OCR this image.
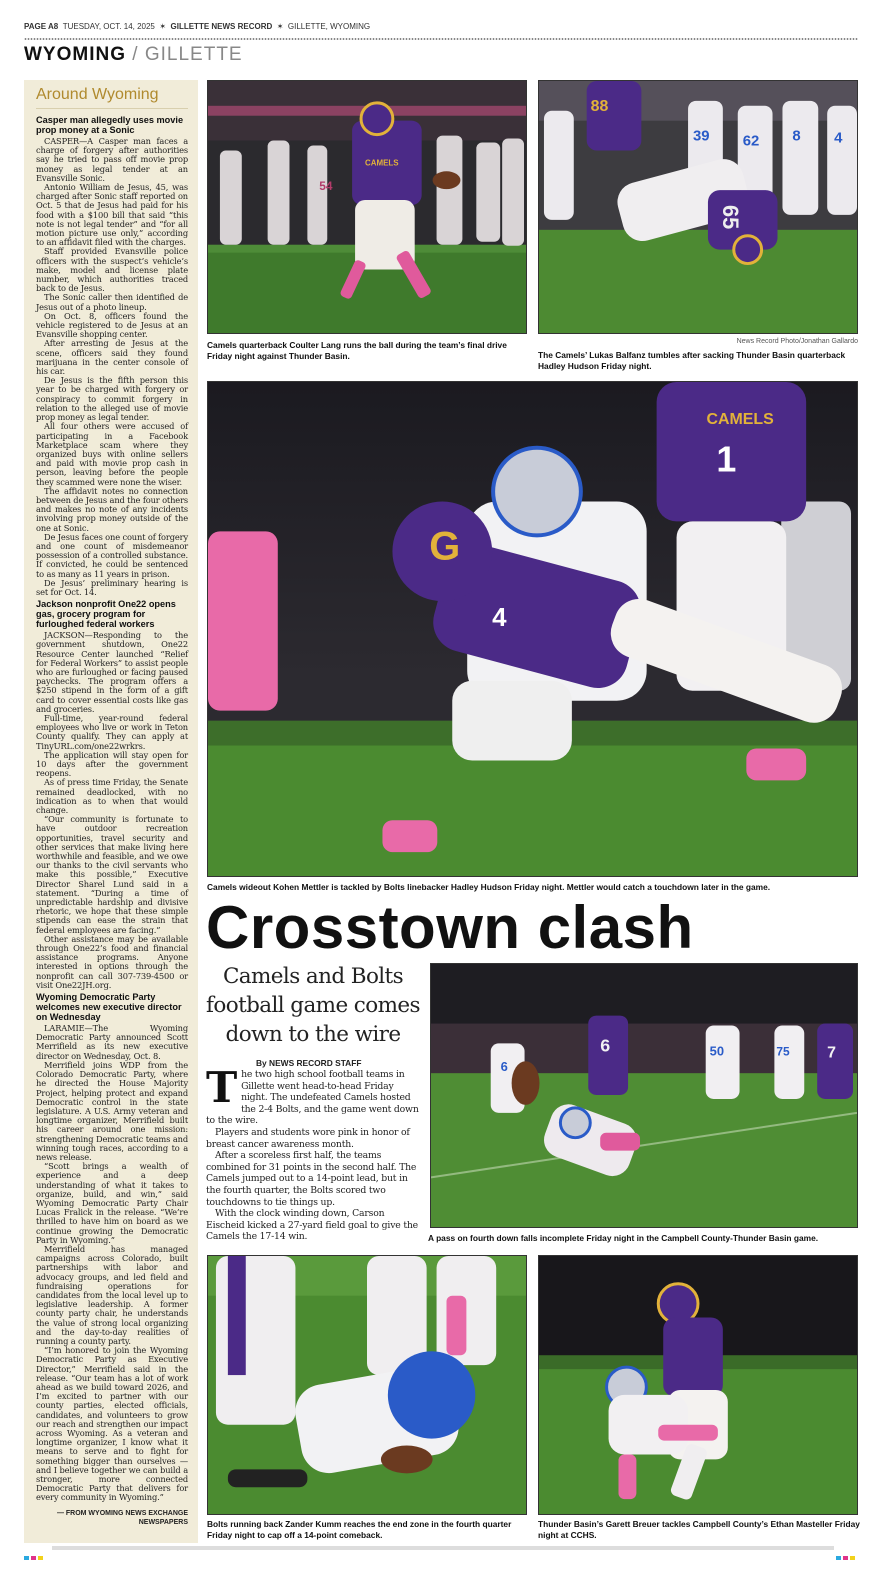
PAGE A8 TUESDAY, OCT. 14, 2025 ✶ GILLETTE NEWS RECORD ✶ GILLETTE, WYOMING
WYOMING / GILLETTE
Around Wyoming
Casper man allegedly uses movie prop money at a Sonic

CASPER—A Casper man faces a charge of forgery after authorities say he tried to pass off movie prop money as legal tender at an Evansville Sonic.

Antonio William de Jesus, 45, was charged after Sonic staff reported on Oct. 5 that de Jesus had paid for his food with a $100 bill that said “this note is not legal tender” and “for all motion picture use only,” according to an affidavit filed with the charges.

Staff provided Evansville police officers with the suspect’s vehicle’s make, model and license plate number, which authorities traced back to de Jesus.

The Sonic caller then identified de Jesus out of a photo lineup.

On Oct. 8, officers found the vehicle registered to de Jesus at an Evansville shopping center.

After arresting de Jesus at the scene, officers said they found marijuana in the center console of his car.

De Jesus is the fifth person this year to be charged with forgery or conspiracy to commit forgery in relation to the alleged use of movie prop money as legal tender.

All four others were accused of participating in a Facebook Marketplace scam where they organized buys with online sellers and paid with movie prop cash in person, leaving before the people they scammed were none the wiser.

The affidavit notes no connection between de Jesus and the four others and makes no note of any incidents involving prop money outside of the one at Sonic.

De Jesus faces one count of forgery and one count of misdemeanor possession of a controlled substance. If convicted, he could be sentenced to as many as 11 years in prison.

De Jesus’ preliminary hearing is set for Oct. 14.

Jackson nonprofit One22 opens gas, grocery program for furloughed federal workers

JACKSON—Responding to the government shutdown, One22 Resource Center launched “Relief for Federal Workers” to assist people who are furloughed or facing paused paychecks. The program offers a $250 stipend in the form of a gift card to cover essential costs like gas and groceries.

Full-time, year-round federal employees who live or work in Teton County qualify. They can apply at TinyURL.com/one22wrkrs.

The application will stay open for 10 days after the government reopens.

As of press time Friday, the Senate remained deadlocked, with no indication as to when that would change.

“Our community is fortunate to have outdoor recreation opportunities, travel security and other services that make living here worthwhile and feasible, and we owe our thanks to the civil servants who make this possible,” Executive Director Sharel Lund said in a statement. “During a time of unpredictable hardship and divisive rhetoric, we hope that these simple stipends can ease the strain that federal employees are facing.”

Other assistance may be available through One22’s food and financial assistance programs. Anyone interested in options through the nonprofit can call 307-739-4500 or visit One22JH.org.

Wyoming Democratic Party welcomes new executive director on Wednesday

LARAMIE—The Wyoming Democratic Party announced Scott Merrifield as its new executive director on Wednesday, Oct. 8.

Merrifield joins WDP from the Colorado Democratic Party, where he directed the House Majority Project, helping protect and expand Democratic control in the state legislature. A U.S. Army veteran and longtime organizer, Merrifield built his career around one mission: strengthening Democratic teams and winning tough races, according to a news release.

“Scott brings a wealth of experience and a deep understanding of what it takes to organize, build, and win,” said Wyoming Democratic Party Chair Lucas Fralick in the release. “We’re thrilled to have him on board as we continue growing the Democratic Party in Wyoming.”

Merrifield has managed campaigns across Colorado, built partnerships with labor and advocacy groups, and led field and fundraising operations for candidates from the local level up to legislative leadership. A former county party chair, he understands the value of strong local organizing and the day-to-day realities of running a county party.

“I’m honored to join the Wyoming Democratic Party as Executive Director,” Merrifield said in the release. “Our team has a lot of work ahead as we build toward 2026, and I’m excited to partner with our county parties, elected officials, candidates, and volunteers to grow our reach and strengthen our impact across Wyoming. As a veteran and longtime organizer, I know what it means to serve and to fight for something bigger than ourselves — and I believe together we can build a stronger, more connected Democratic Party that delivers for every community in Wyoming.”

— FROM WYOMING NEWS EXCHANGE NEWSPAPERS
54
CAMELS
Camels quarterback Coulter Lang runs the ball during the team’s final drive Friday night against Thunder Basin.
39 62 8 4
88
65
News Record Photo/Jonathan Gallardo
The Camels’ Lukas Balfanz tumbles after sacking Thunder Basin quarterback Hadley Hudson Friday night.
CAMELS
1
G
4
Camels wideout Kohen Mettler is tackled by Bolts linebacker Hadley Hudson Friday night. Mettler would catch a touchdown later in the game.
Crosstown clash
Camels and Bolts football game comes down to the wire
By NEWS RECORD STAFF

The two high school football teams in Gillette went head-to-head Friday night. The undefeated Camels hosted the 2-4 Bolts, and the game went down to the wire.

Players and students wore pink in honor of breast cancer awareness month.

After a scoreless first half, the teams combined for 31 points in the second half. The Camels jumped out to a 14-point lead, but in the fourth quarter, the Bolts scored two touchdowns to tie things up.

With the clock winding down, Carson Eischeid kicked a 27-yard field goal to give the Camels the 17-14 win.

6
6	50	75 7
A pass on fourth down falls incomplete Friday night in the Campbell County-Thunder Basin game.
Bolts running back Zander Kumm reaches the end zone in the fourth quarter Friday night to cap off a 14-point comeback.
Thunder Basin’s Garett Breuer tackles Campbell County’s Ethan Masteller Friday night at CCHS.
